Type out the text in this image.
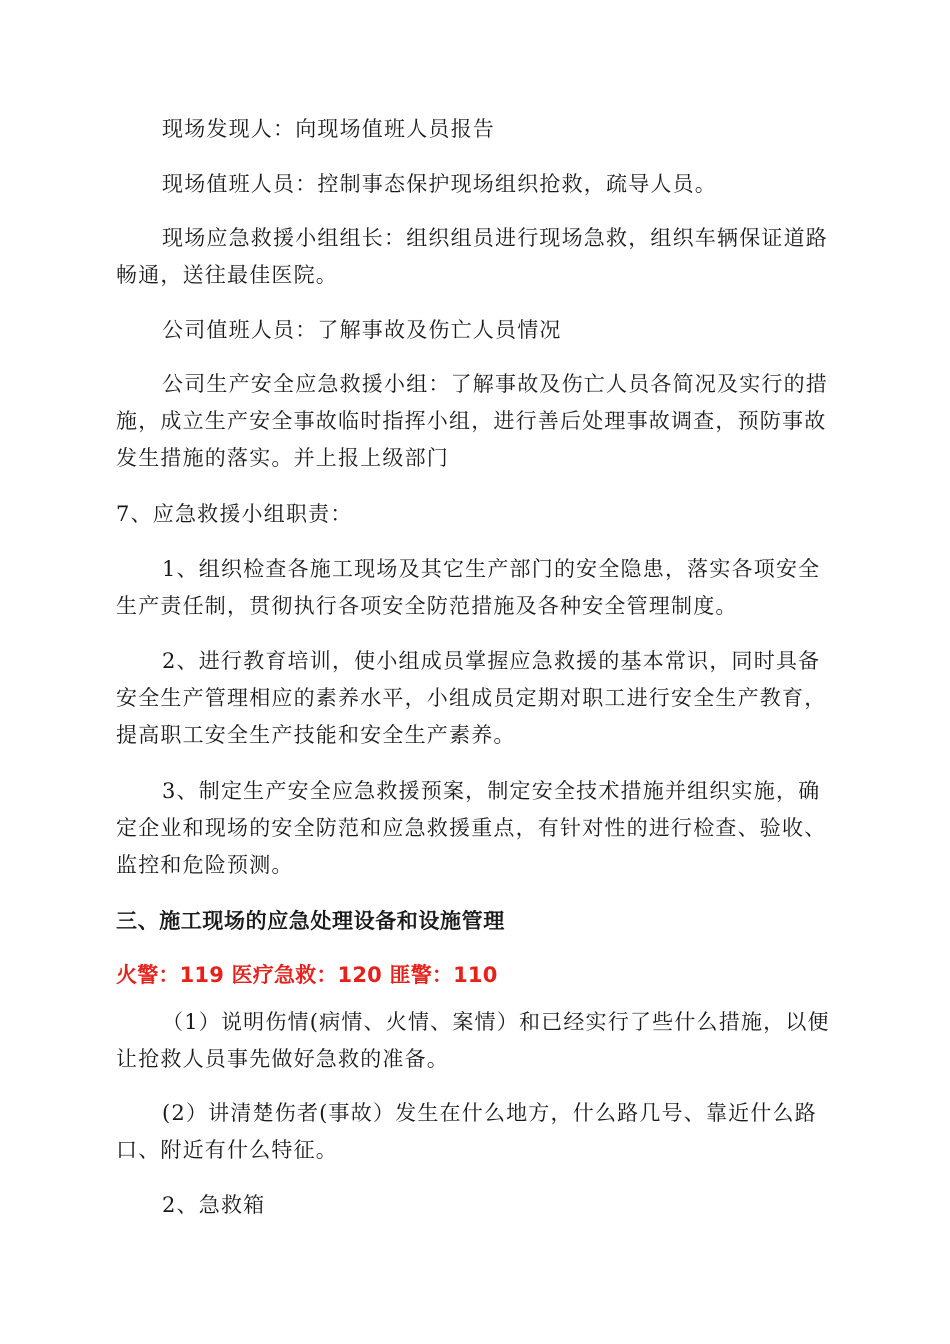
现场发现人：向现场值班人员报告
现场值班人员：控制事态保护现场组织抢救，疏导人员。
现场应急救援小组组长：组织组员进行现场急救，组织车辆保证道路
畅通，送往最佳医院。
公司值班人员：了解事故及伤亡人员情况
公司生产安全应急救援小组：了解事故及伤亡人员各简况及实行的措
施，成立生产安全事故临时指挥小组，进行善后处理事故调查，预防事故
发生措施的落实。并上报上级部门
7、应急救援小组职责：
1、组织检查各施工现场及其它生产部门的安全隐患，落实各项安全
生产责任制，贯彻执行各项安全防范措施及各种安全管理制度。
2、进行教育培训，使小组成员掌握应急救援的基本常识，同时具备
安全生产管理相应的素养水平，小组成员定期对职工进行安全生产教育，
提高职工安全生产技能和安全生产素养。
3、制定生产安全应急救援预案，制定安全技术措施并组织实施，确
定企业和现场的安全防范和应急救援重点，有针对性的进行检查、验收、
监控和危险预测。
三、施工现场的应急处理设备和设施管理
火警：119 医疗急救：120 匪警：110
（1）说明伤情(病情、火情、案情）和已经实行了些什么措施，以便
让抢救人员事先做好急救的准备。
(2）讲清楚伤者(事故）发生在什么地方，什么路几号、靠近什么路
口、附近有什么特征。
2、急救箱
